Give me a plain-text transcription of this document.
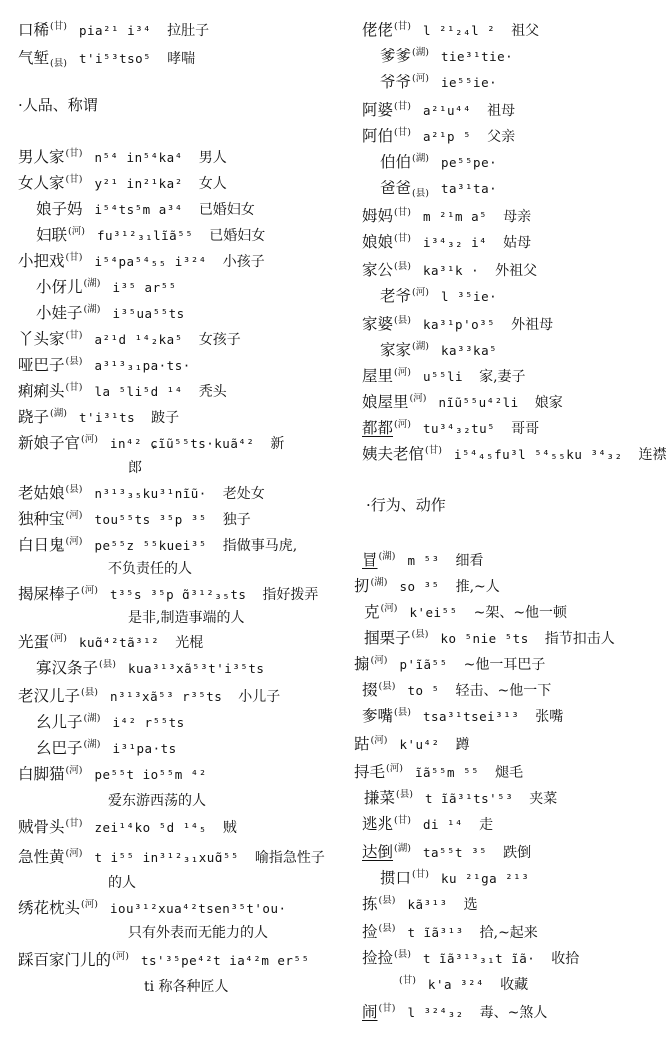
口稀$^{(甘)}$ pia²¹ i³⁴ 拉肚子
气堑(县) t'i⁵³tso⁵ 哮喘
·人品、称谓
男人家$^{(甘)}$ n⁵⁴ in⁵⁴ka⁴ 男人
女人家$^{(甘)}$ y²¹ in²¹ka² 女人
娘子妈 i⁵⁴ts⁵m a³⁴ 已婚妇女
妇联$^{(河)}$ fu³¹²₃₁lĩã⁵⁵ 已婚妇女
小把戏$^{(甘)}$ i⁵⁴pa⁵⁴₅₅ i³²⁴ 小孩子
小伢儿$^{(湖)}$ i³⁵ ar⁵⁵
小娃子$^{(湖)}$ i³⁵ua⁵⁵ts
丫头家$^{(甘)}$ a²¹d ¹⁴₂ka⁵ 女孩子
哑巴子$^{(县)}$ a³¹³₃₁pa·ts·
痢痢头$^{(甘)}$ la ⁵li⁵d ¹⁴ 秃头
跷子$^{(湖)}$ t'i³¹ts 跛子
新娘子官$^{(河)}$ in⁴² ɕĩũ⁵⁵ts·kuã⁴² 新
郎
老姑娘$^{(县)}$ n³¹³₃₅ku³¹nĩũ· 老处女
独种宝$^{(河)}$ tou⁵⁵ts ³⁵p ³⁵ 独子
白日鬼$^{(河)}$ pe⁵⁵z ⁵⁵kuei³⁵ 指做事马虎,
不负责任的人
揭屎棒子$^{(河)}$ t³⁵s ³⁵p ɑ̃³¹²₃₅ts 指好拨弄
是非,制造事端的人
光蛋$^{(河)}$ kuɑ̃⁴²tã³¹² 光棍
寡汉条子$^{(县)}$ kua³¹³xã⁵³t'i³⁵ts
老汉儿子$^{(县)}$ n³¹³xã⁵³ r³⁵ts 小儿子
幺儿子$^{(湖)}$ i⁴² r⁵⁵ts
幺巴子$^{(湖)}$ i³¹pa·ts
白脚猫$^{(河)}$ pe⁵⁵t io⁵⁵m ⁴²
爱东游西荡的人
贼骨头$^{(甘)}$ zei¹⁴ko ⁵d ¹⁴₅ 贼
急性黄$^{(河)}$ t i⁵⁵ in³¹²₃₁xuɑ̃⁵⁵ 喻指急性子
的人
绣花枕头$^{(河)}$ iou³¹²xua⁴²tsen³⁵t'ou·
只有外表而无能力的人
踩百家门儿的$^{(河)}$ ts'³⁵pe⁴²t ia⁴²m er⁵⁵
ti 称各种匠人
佬佬$^{(甘)}$ l ²¹₂₄l ² 祖父
爹爹$^{(湖)}$ tie³¹tie·
爷爷$^{(河)}$ ie⁵⁵ie·
阿婆$^{(甘)}$ a²¹u⁴⁴ 祖母
阿伯$^{(甘)}$ a²¹p ⁵ 父亲
伯伯$^{(湖)}$ pe⁵⁵pe·
爸爸(县) ta³¹ta·
姆妈$^{(甘)}$ m ²¹m a⁵ 母亲
娘娘$^{(甘)}$ i³⁴₃₂ i⁴ 姑母
家公$^{(县)}$ ka³¹k · 外祖父
老爷$^{(河)}$ l ³⁵ie·
家婆$^{(县)}$ ka³¹p'o³⁵ 外祖母
家家$^{(湖)}$ ka³³ka⁵
屋里$^{(河)}$ u⁵⁵li 家,妻子
娘屋里$^{(河)}$ nĩũ⁵⁵u⁴²li 娘家
都都$^{(河)}$ tu³⁴₃₂tu⁵ 哥哥
姨夫老倌$^{(甘)}$ i⁵⁴₄₅fu³l ⁵⁴₅₅ku ³⁴₃₂ 连襟
·行为、动作
冒$^{(湖)}$ m ⁵³ 细看
扨$^{(湖)}$ so ³⁵ 推,~人
克$^{(河)}$ k'ei⁵⁵ ~架、~他一顿
掴栗子$^{(县)}$ ko ⁵nie ⁵ts 指节扣击人
搧$^{(河)}$ p'ĩã⁵⁵ ~他一耳巴子
掇$^{(县)}$ to ⁵ 轻击、~他一下
奓嘴$^{(县)}$ tsa³¹tsei³¹³ 张嘴
跍$^{(河)}$ k'u⁴² 蹲
挦毛$^{(河)}$ ĩã⁵⁵m ⁵⁵ 煺毛
搛菜$^{(县)}$ t ĩã³¹ts'⁵³ 夹菜
逃兆$^{(甘)}$ di ¹⁴ 走
达倒$^{(湖)}$ ta⁵⁵t ³⁵ 跌倒
掼口$^{(甘)}$ ku ²¹ga ²¹³
拣$^{(县)}$ kã³¹³ 选
捡$^{(县)}$ t ĩã³¹³ 拾,~起来
捡捡$^{(县)}$ t ĩã³¹³₃₁t ĩã· 收拾
$^{(甘)}$ k'a ³²⁴ 收藏
闹$^{(甘)}$ l ³²⁴₃₂ 毒、~煞人
